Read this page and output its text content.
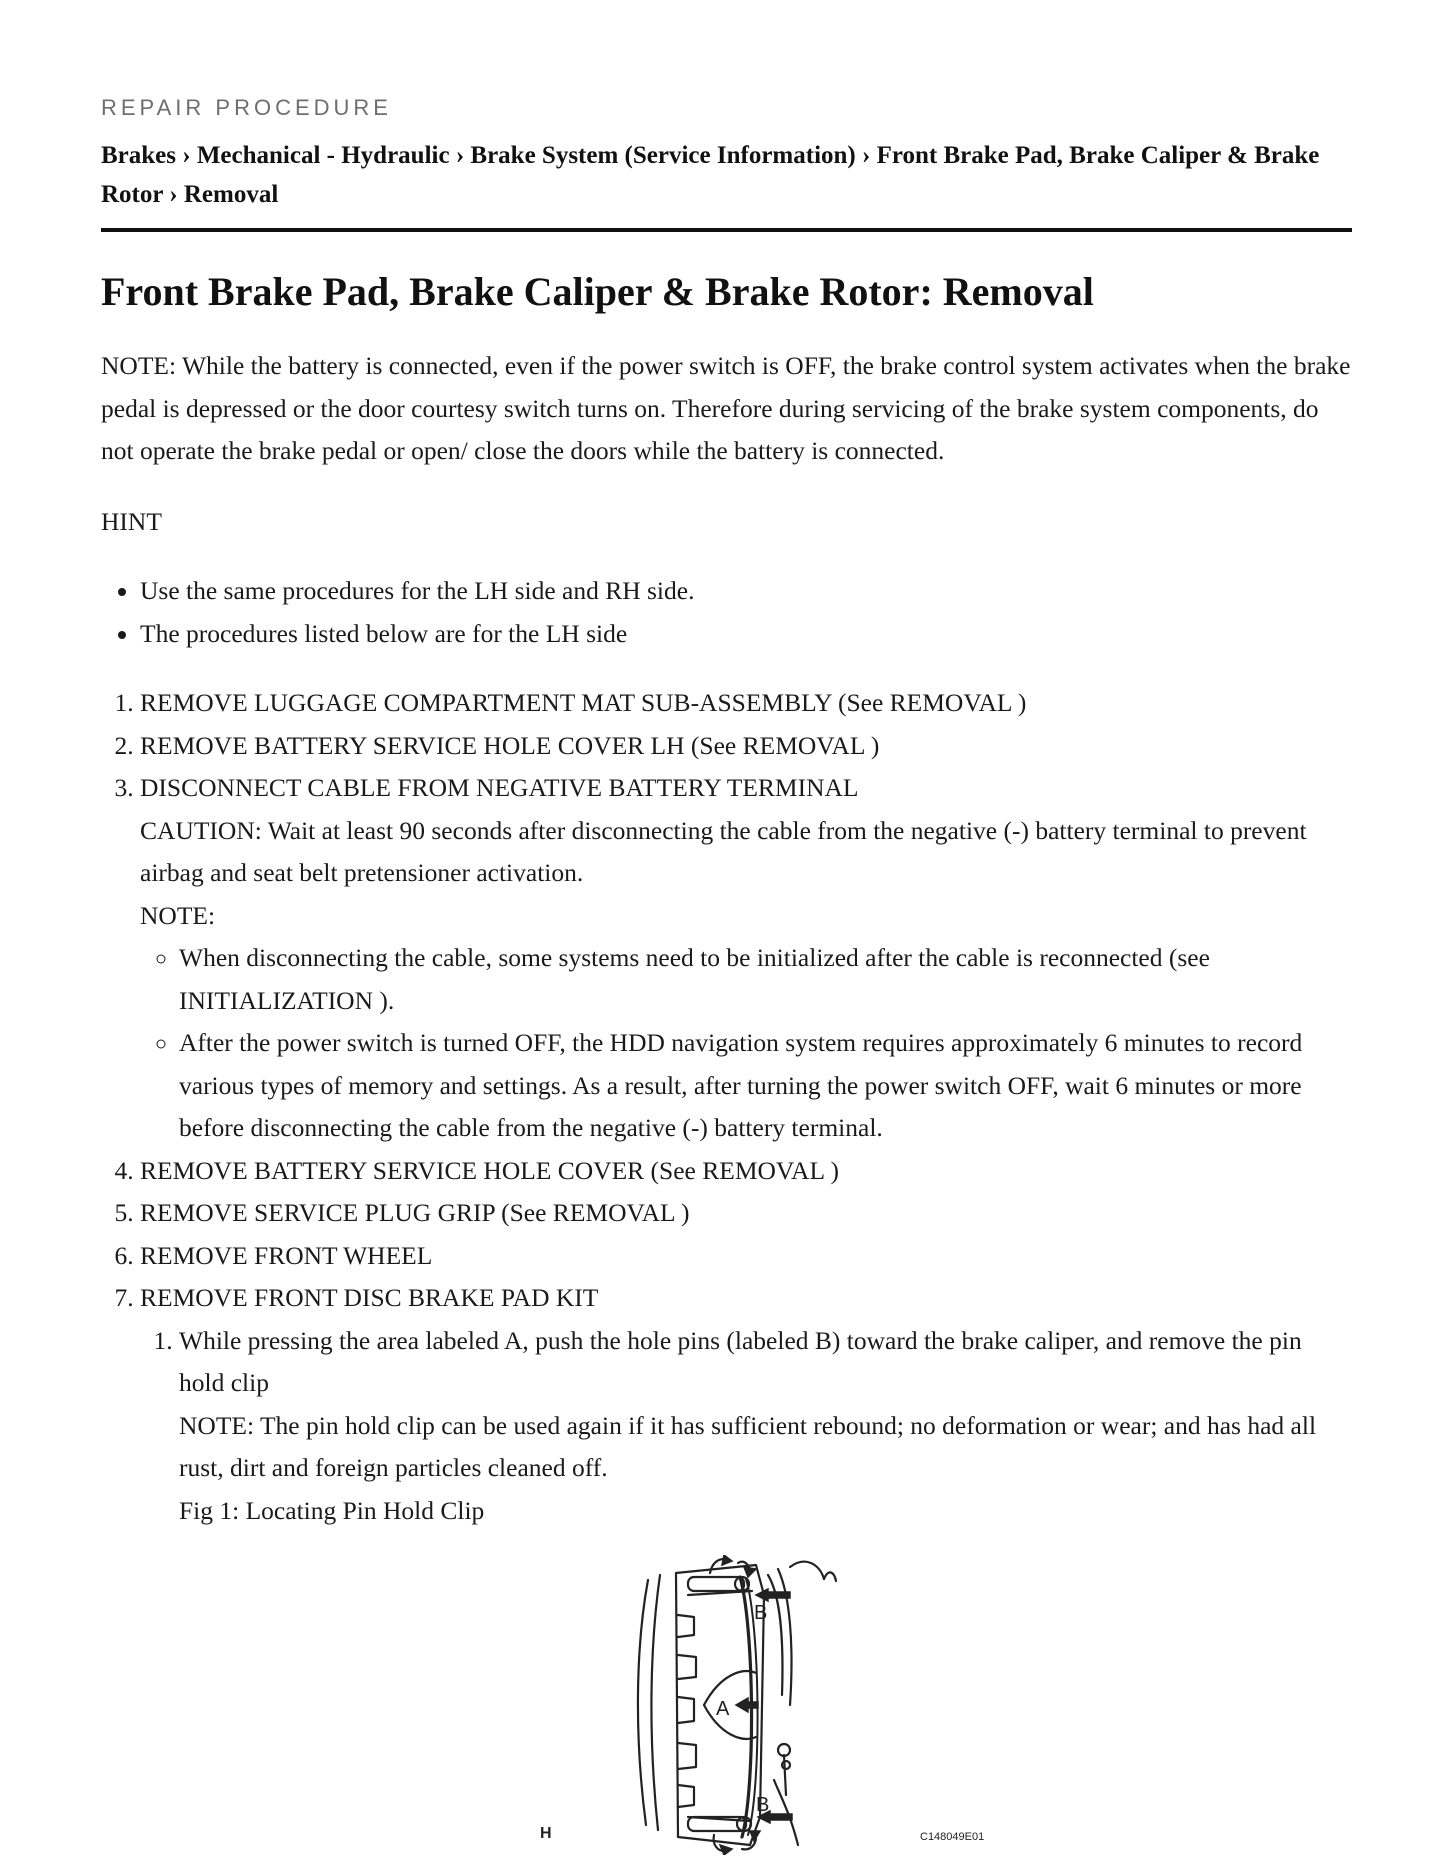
REPAIR PROCEDURE
Brakes › Mechanical - Hydraulic › Brake System (Service Information) › Front Brake Pad, Brake Caliper & Brake Rotor › Removal
Front Brake Pad, Brake Caliper & Brake Rotor: Removal

NOTE: While the battery is connected, even if the power switch is OFF, the brake control system activates when the brake pedal is depressed or the door courtesy switch turns on. Therefore during servicing of the brake system components, do not operate the brake pedal or open/ close the doors while the battery is connected.

HINT

• Use the same procedures for the LH side and RH side.
• The procedures listed below are for the LH side
1. REMOVE LUGGAGE COMPARTMENT MAT SUB-ASSEMBLY (See REMOVAL )
2. REMOVE BATTERY SERVICE HOLE COVER LH (See REMOVAL )
3. DISCONNECT CABLE FROM NEGATIVE BATTERY TERMINAL
CAUTION: Wait at least 90 seconds after disconnecting the cable from the negative (-) battery terminal to prevent airbag and seat belt pretensioner activation.
NOTE:
◦ When disconnecting the cable, some systems need to be initialized after the cable is reconnected (see INITIALIZATION ).
◦ After the power switch is turned OFF, the HDD navigation system requires approximately 6 minutes to record various types of memory and settings. As a result, after turning the power switch OFF, wait 6 minutes or more before disconnecting the cable from the negative (-) battery terminal.
4. REMOVE BATTERY SERVICE HOLE COVER (See REMOVAL )
5. REMOVE SERVICE PLUG GRIP (See REMOVAL )
6. REMOVE FRONT WHEEL
7. REMOVE FRONT DISC BRAKE PAD KIT
1. While pressing the area labeled A, push the hole pins (labeled B) toward the brake caliper, and remove the pin hold clip
NOTE: The pin hold clip can be used again if it has sufficient rebound; no deformation or wear; and has had all rust, dirt and foreign particles cleaned off.
Fig 1: Locating Pin Hold Clip
B
A
B
H	C148049E01
